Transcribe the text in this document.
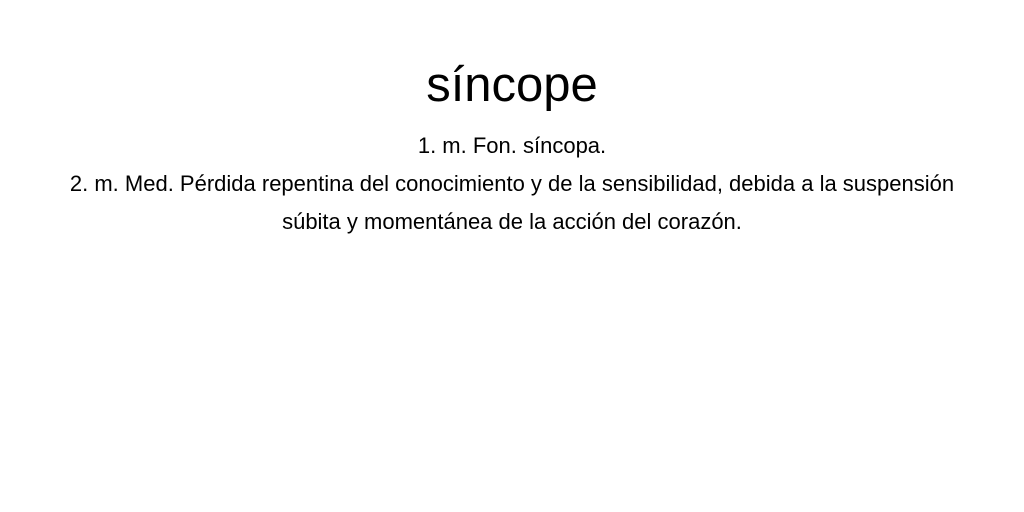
síncope
1. m. Fon. síncopa.
2. m. Med. Pérdida repentina del conocimiento y de la sensibilidad, debida a la suspensión súbita y momentánea de la acción del corazón.
